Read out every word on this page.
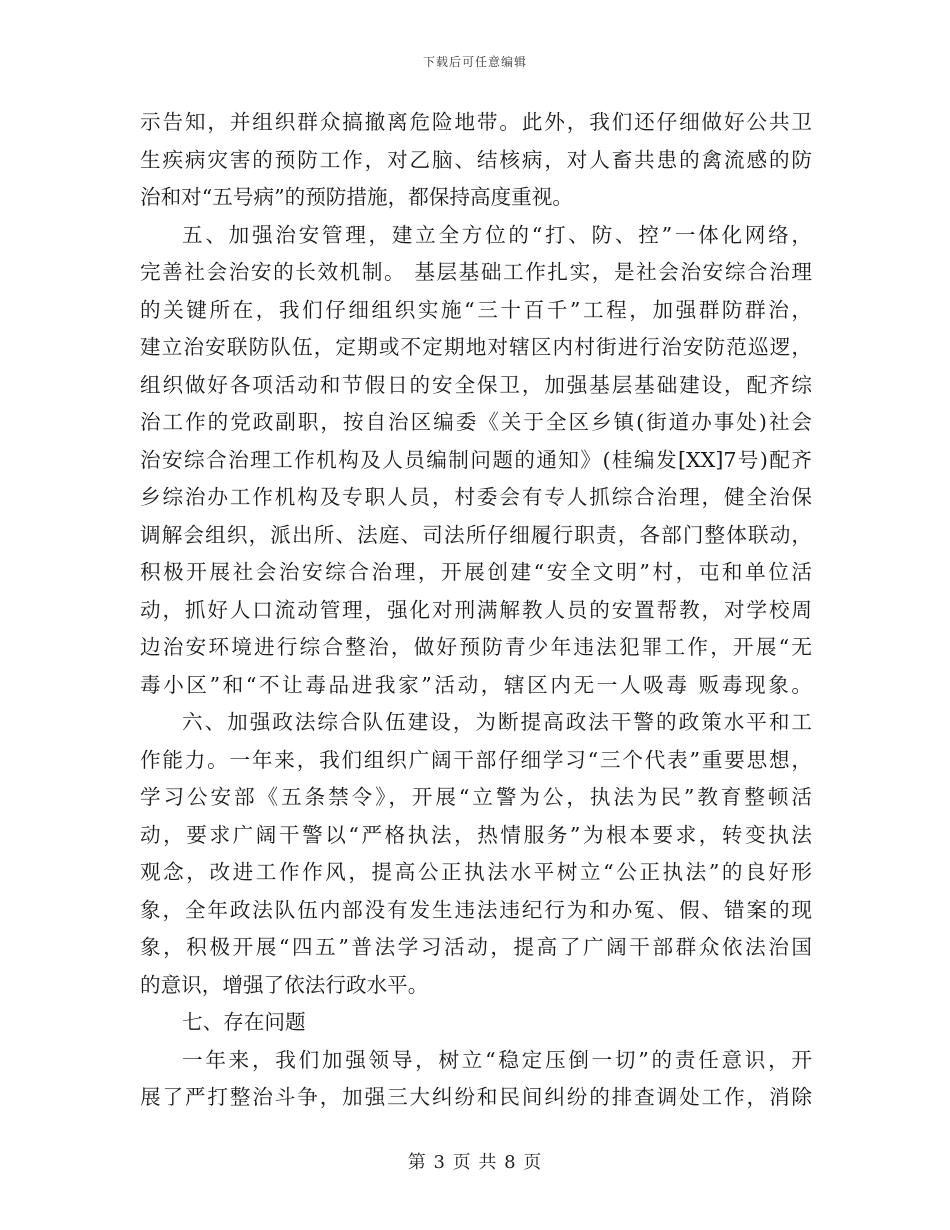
下载后可任意编辑
示告知，并组织群众搞撤离危险地带。此外，我们还仔细做好公共卫
生疾病灾害的预防工作，对乙脑、结核病，对人畜共患的禽流感的防
治和对“五号病”的预防措施，都保持高度重视。
五、加强治安管理，建立全方位的“打、防、控”一体化网络，
完善社会治安的长效机制。 基层基础工作扎实，是社会治安综合治理
的关键所在，我们仔细组织实施“三十百千”工程，加强群防群治，
建立治安联防队伍，定期或不定期地对辖区内村街进行治安防范巡逻，
组织做好各项活动和节假日的安全保卫，加强基层基础建设，配齐综
治工作的党政副职，按自治区编委《关于全区乡镇(街道办事处)社会
治安综合治理工作机构及人员编制问题的通知》(桂编发[XX]7号)配齐
乡综治办工作机构及专职人员，村委会有专人抓综合治理，健全治保
调解会组织，派出所、法庭、司法所仔细履行职责，各部门整体联动，
积极开展社会治安综合治理，开展创建“安全文明”村，屯和单位活
动，抓好人口流动管理，强化对刑满解教人员的安置帮教，对学校周
边治安环境进行综合整治，做好预防青少年违法犯罪工作，开展“无
毒小区”和“不让毒品进我家”活动，辖区内无一人吸毒 贩毒现象。
六、加强政法综合队伍建设，为断提高政法干警的政策水平和工
作能力。一年来，我们组织广阔干部仔细学习“三个代表”重要思想，
学习公安部《五条禁令》，开展“立警为公，执法为民”教育整顿活
动，要求广阔干警以“严格执法，热情服务”为根本要求，转变执法
观念，改进工作作风，提高公正执法水平树立“公正执法”的良好形
象，全年政法队伍内部没有发生违法违纪行为和办冤、假、错案的现
象，积极开展“四五”普法学习活动，提高了广阔干部群众依法治国
的意识，增强了依法行政水平。
七、存在问题
一年来，我们加强领导，树立“稳定压倒一切”的责任意识，开
展了严打整治斗争，加强三大纠纷和民间纠纷的排查调处工作，消除
第 3 页 共 8 页
